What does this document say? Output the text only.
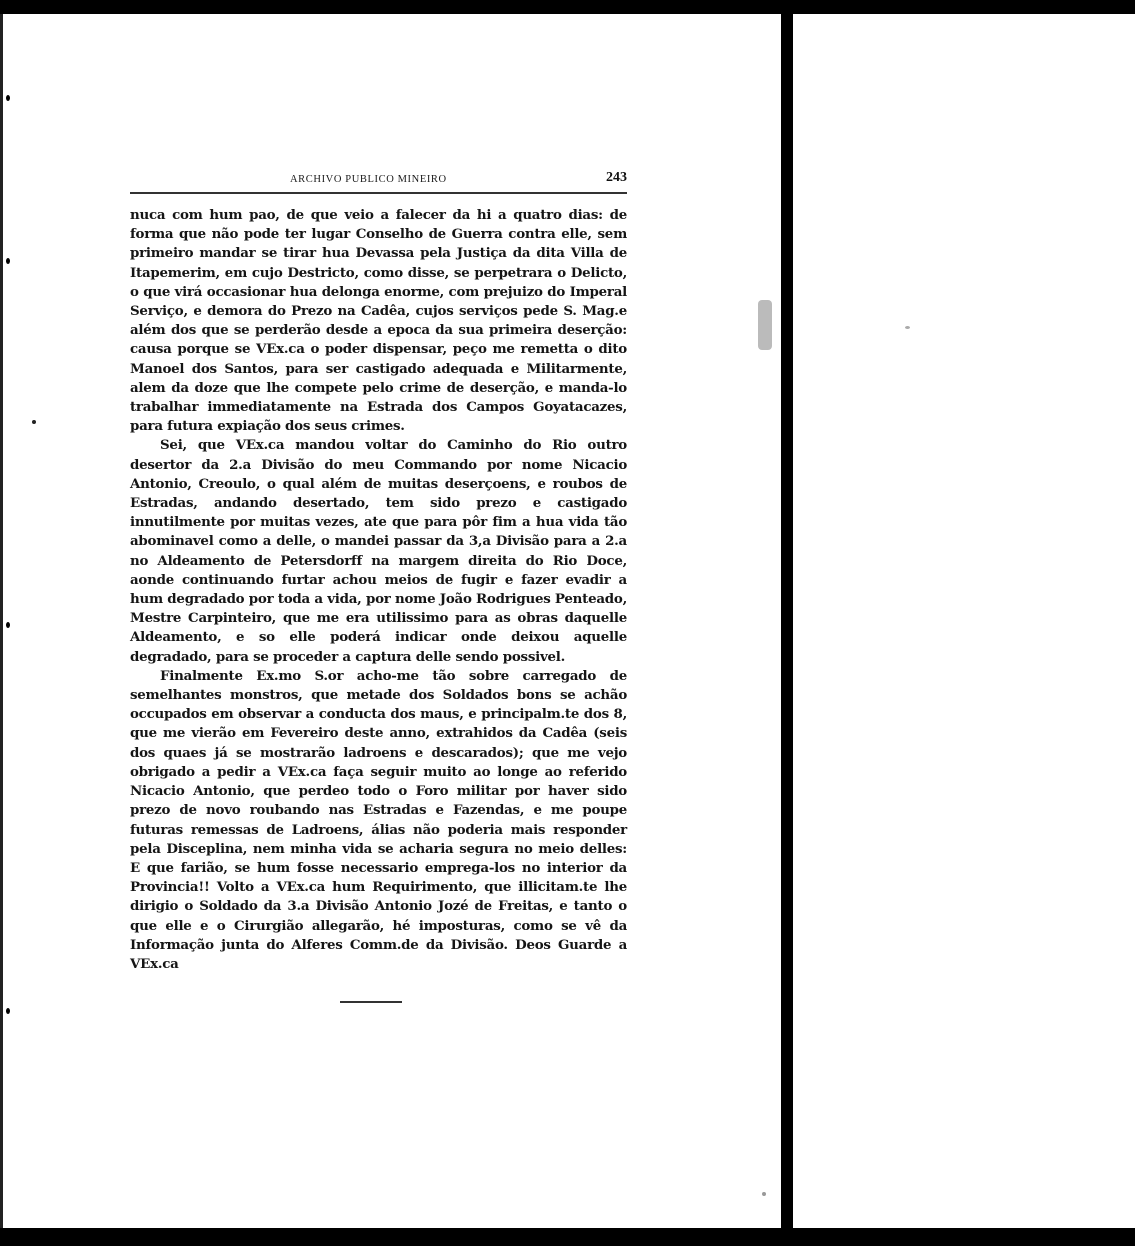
ARCHIVO PUBLICO MINEIRO	243

nuca com hum pao, de que veio a falecer da hi a quatro dias: de forma que não pode ter lugar Conselho de Guerra contra elle, sem primeiro mandar se tirar hua Devassa pela Justiça da dita Villa de Itapemerim, em cujo Destricto, como disse, se perpetrara o Delicto, o que virá occasionar hua delonga enorme, com prejuizo do Imperal Serviço, e demora do Prezo na Cadêa, cujos serviços pede S. Mag.e além dos que se perderão desde a epoca da sua primeira deserção: causa porque se VEx.ca o poder dispensar, peço me remetta o dito Manoel dos Santos, para ser castigado adequada e Militarmente, alem da doze que lhe compete pelo crime de deserção, e manda-lo trabalhar immediatamente na Estrada dos Campos Goyatacazes, para futura expiação dos seus crimes.

Sei, que VEx.ca mandou voltar do Caminho do Rio outro desertor da 2.a Divisão do meu Commando por nome Nicacio Antonio, Creoulo, o qual além de muitas deserçoens, e roubos de Estradas, andando desertado, tem sido prezo e castigado innutilmente por muitas vezes, ate que para pôr fim a hua vida tão abominavel como a delle, o mandei passar da 3,a Divisão para a 2.a no Aldeamento de Petersdorff na margem direita do Rio Doce, aonde continuando furtar achou meios de fugir e fazer evadir a hum degradado por toda a vida, por nome João Rodrigues Penteado, Mestre Carpinteiro, que me era utilissimo para as obras daquelle Aldeamento, e so elle poderá indicar onde deixou aquelle degradado, para se proceder a captura delle sendo possivel.

Finalmente Ex.mo S.or acho-me tão sobre carregado de semelhantes monstros, que metade dos Soldados bons se achão occupados em observar a conducta dos maus, e principalm.te dos 8, que me vierão em Fevereiro deste anno, extrahidos da Cadêa (seis dos quaes já se mostrarão ladroens e descarados); que me vejo obrigado a pedir a VEx.ca faça seguir muito ao longe ao referido Nicacio Antonio, que perdeo todo o Foro militar por haver sido prezo de novo roubando nas Estradas e Fazendas, e me poupe futuras remessas de Ladroens, álias não poderia mais responder pela Disceplina, nem minha vida se acharia segura no meio delles: E que farião, se hum fosse necessario emprega-los no interior da Provincia!! Volto a VEx.ca hum Requirimento, que illicitam.te lhe dirigio o Soldado da 3.a Divisão Antonio Jozé de Freitas, e tanto o que elle e o Cirurgião allegarão, hé imposturas, como se vê da Informação junta do Alferes Comm.de da Divisão. Deos Guarde a VEx.ca
